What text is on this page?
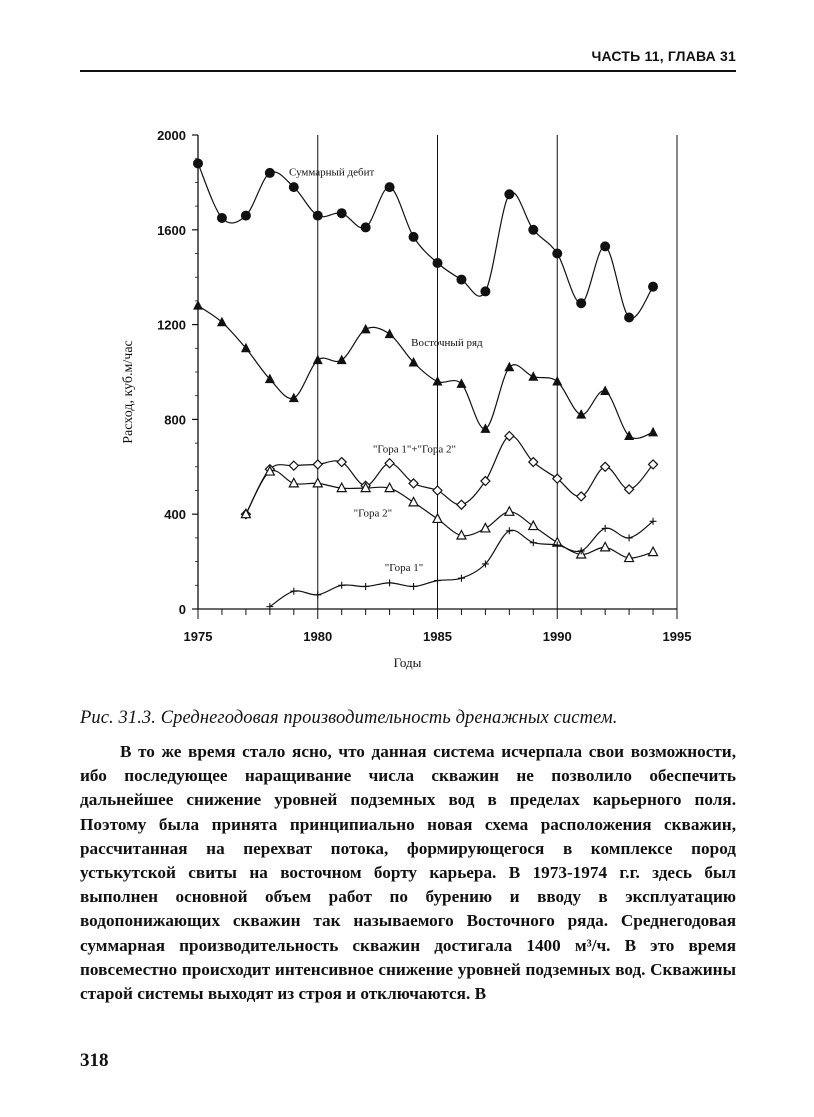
ЧАСТЬ 11, ГЛАВА 31
0
400
800
1200
1600
2000
1975	1980	1985	1990	1995
Годы
Расход, куб.м/час
Суммарный дебит
Восточный ряд
"Гора 1"+"Гора 2"
"Гора 2"
"Гора 1"
Рис. 31.3. Среднегодовая производительность дренажных систем.

В то же время стало ясно, что данная система исчерпала свои возможности, ибо последующее наращивание числа скважин не позволило обеспечить дальнейшее снижение уровней подземных вод в пределах карьерного поля. Поэтому была принята принципиально новая схема расположения скважин, рассчитанная на перехват потока, формирующегося в комплексе пород устькутской свиты на восточном борту карьера. В 1973-1974 г.г. здесь был выполнен основной объем работ по бурению и вводу в эксплуатацию водопонижающих скважин так называемого Восточного ряда. Среднегодовая суммарная производительность скважин достигала 1400 м³/ч. В это время повсеместно происходит интенсивное снижение уровней подземных вод. Скважины старой системы выходят из строя и отключаются. В

318
